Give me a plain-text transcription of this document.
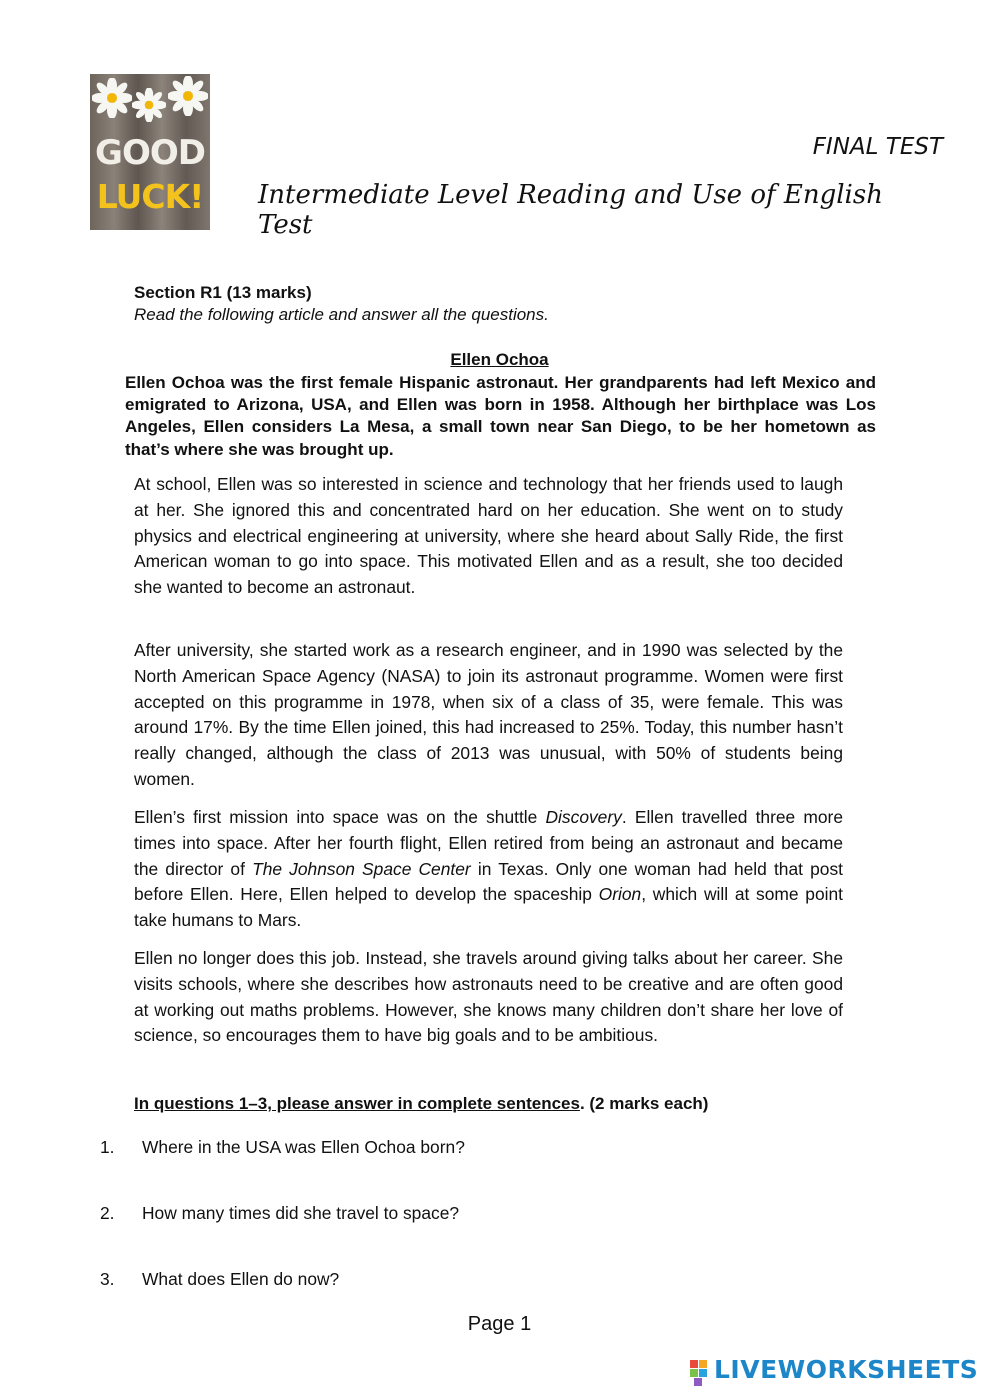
GOOD
LUCK!
FINAL TEST
Intermediate Level Reading and Use of English Test
Section R1 (13 marks)
Read the following article and answer all the questions.
Ellen Ochoa
Ellen Ochoa was the first female Hispanic astronaut. Her grandparents had left Mexico and emigrated to Arizona, USA, and Ellen was born in 1958. Although her birthplace was Los Angeles, Ellen considers La Mesa, a small town near San Diego, to be her hometown as that’s where she was brought up.

At school, Ellen was so interested in science and technology that her friends used to laugh at her. She ignored this and concentrated hard on her education. She went on to study physics and electrical engineering at university, where she heard about Sally Ride, the first American woman to go into space. This motivated Ellen and as a result, she too decided she wanted to become an astronaut.

After university, she started work as a research engineer, and in 1990 was selected by the North American Space Agency (NASA) to join its astronaut programme. Women were first accepted on this programme in 1978, when six of a class of 35, were female. This was around 17%. By the time Ellen joined, this had increased to 25%. Today, this number hasn’t really changed, although the class of 2013 was unusual, with 50% of students being women.

Ellen’s first mission into space was on the shuttle Discovery. Ellen travelled three more times into space. After her fourth flight, Ellen retired from being an astronaut and became the director of The Johnson Space Center in Texas. Only one woman had held that post before Ellen. Here, Ellen helped to develop the spaceship Orion, which will at some point take humans to Mars.

Ellen no longer does this job. Instead, she travels around giving talks about her career. She visits schools, where she describes how astronauts need to be creative and are often good at working out maths problems. However, she knows many children don’t share her love of science, so encourages them to have big goals and to be ambitious.

In questions 1–3, please answer in complete sentences. (2 marks each)
1. Where in the USA was Ellen Ochoa born?
2. How many times did she travel to space?
3. What does Ellen do now?
Page 1
LIVEWORKSHEETS
